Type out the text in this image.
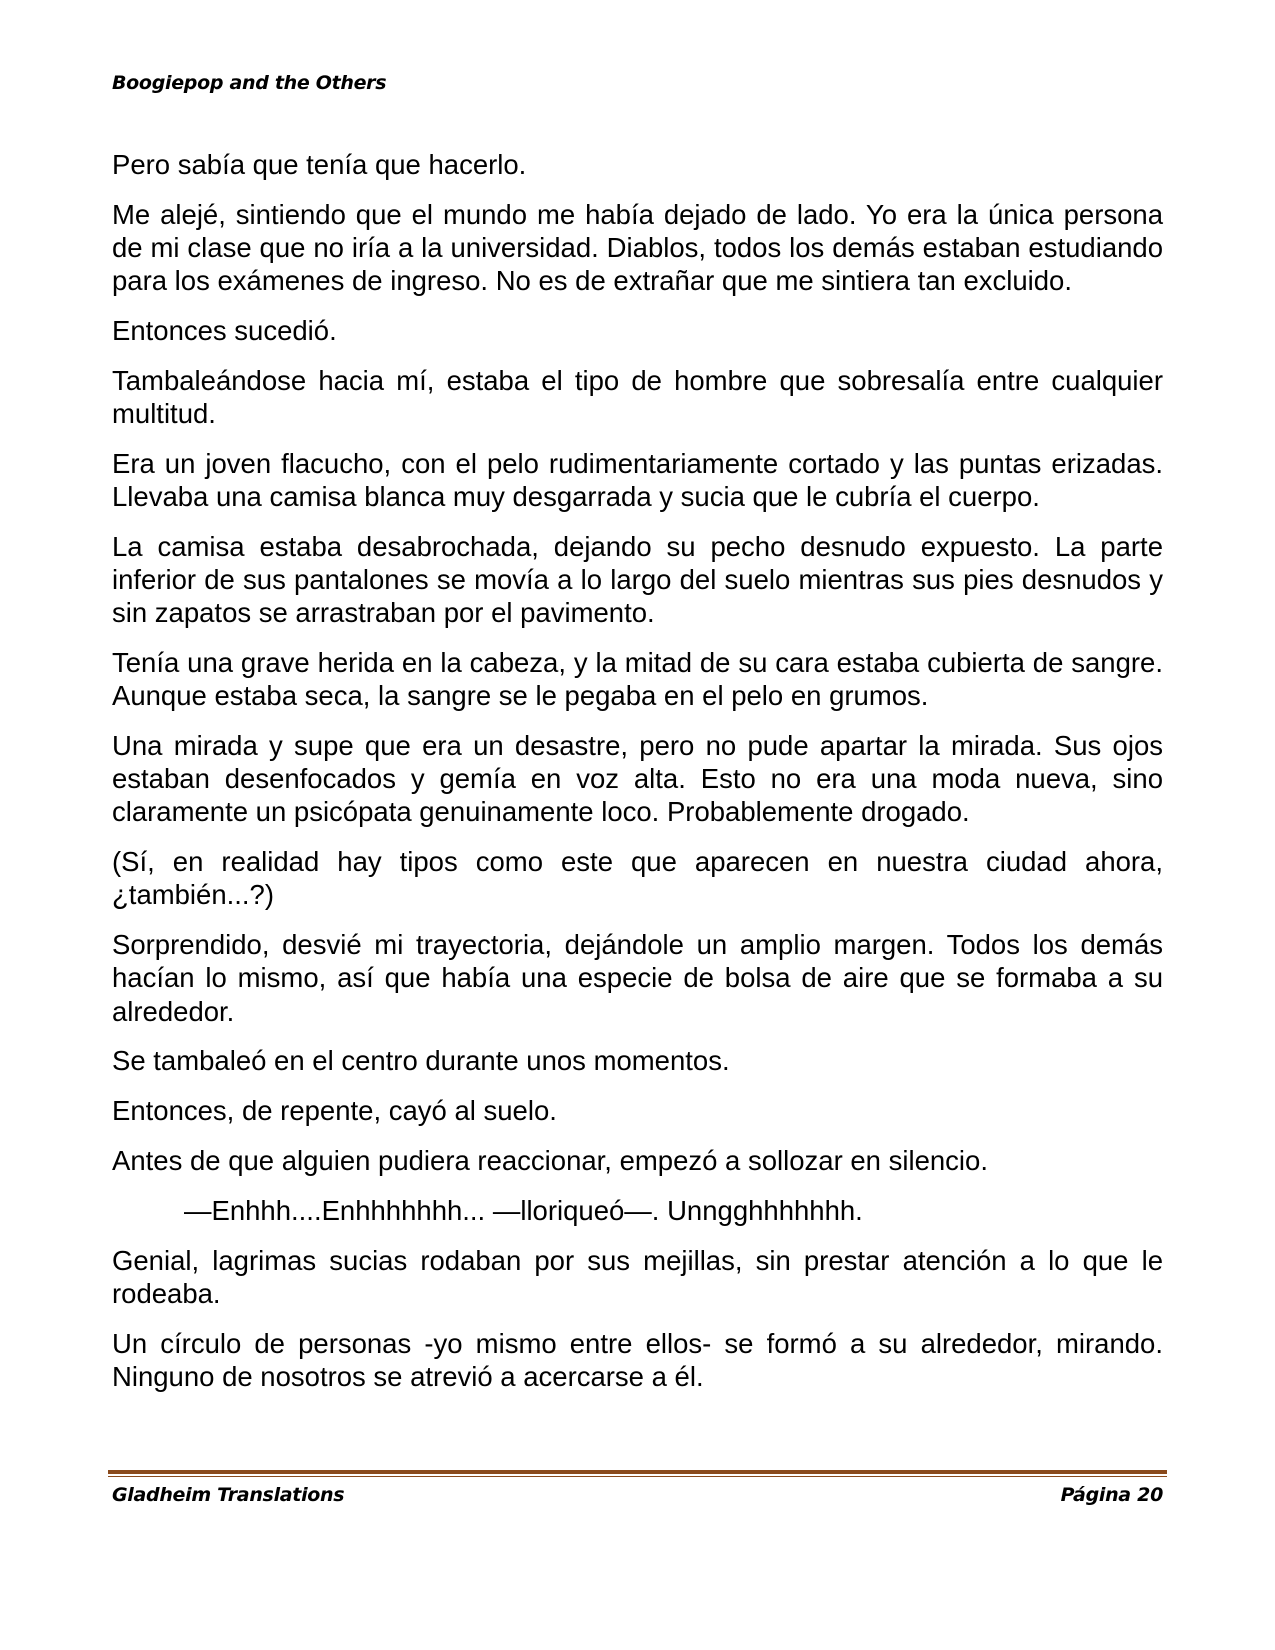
Boogiepop and the Others

Pero sabía que tenía que hacerlo.

Me alejé, sintiendo que el mundo me había dejado de lado. Yo era la única persona de mi clase que no iría a la universidad. Diablos, todos los demás estaban estudiando para los exámenes de ingreso. No es de extrañar que me sintiera tan excluido.

Entonces sucedió.

Tambaleándose hacia mí, estaba el tipo de hombre que sobresalía entre cualquier multitud.

Era un joven flacucho, con el pelo rudimentariamente cortado y las puntas erizadas. Llevaba una camisa blanca muy desgarrada y sucia que le cubría el cuerpo.

La camisa estaba desabrochada, dejando su pecho desnudo expuesto. La parte inferior de sus pantalones se movía a lo largo del suelo mientras sus pies desnudos y sin zapatos se arrastraban por el pavimento.

Tenía una grave herida en la cabeza, y la mitad de su cara estaba cubierta de sangre. Aunque estaba seca, la sangre se le pegaba en el pelo en grumos.

Una mirada y supe que era un desastre, pero no pude apartar la mirada. Sus ojos estaban desenfocados y gemía en voz alta. Esto no era una moda nueva, sino claramente un psicópata genuinamente loco. Probablemente drogado.

(Sí, en realidad hay tipos como este que aparecen en nuestra ciudad ahora, ¿también...?)

Sorprendido, desvié mi trayectoria, dejándole un amplio margen. Todos los demás hacían lo mismo, así que había una especie de bolsa de aire que se formaba a su alrededor.

Se tambaleó en el centro durante unos momentos.

Entonces, de repente, cayó al suelo.

Antes de que alguien pudiera reaccionar, empezó a sollozar en silencio.

—Enhhh....Enhhhhhhh... —lloriqueó—. Unngghhhhhhh.

Genial, lagrimas sucias rodaban por sus mejillas, sin prestar atención a lo que le rodeaba.

Un círculo de personas -yo mismo entre ellos- se formó a su alrededor, mirando. Ninguno de nosotros se atrevió a acercarse a él.

Gladheim Translations	Página 20
